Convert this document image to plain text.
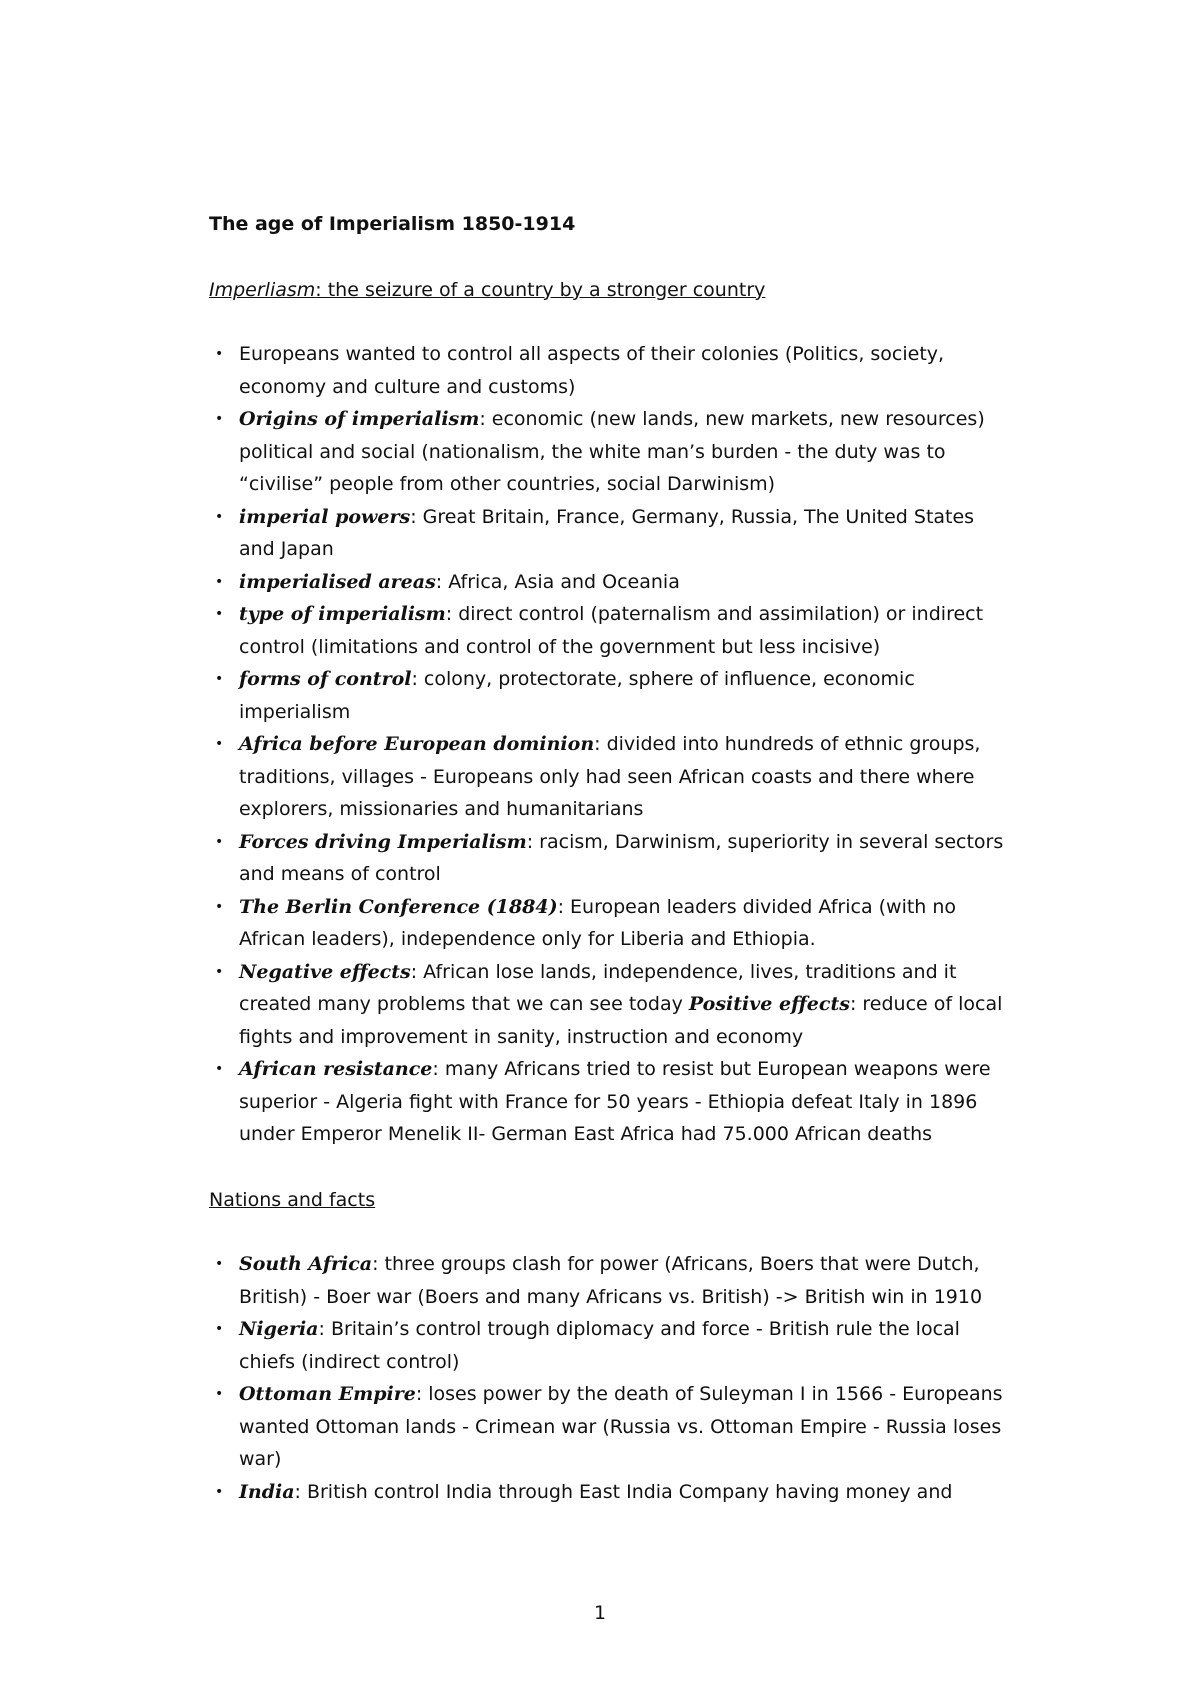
The age of Imperialism 1850-1914
Imperliasm: the seizure of a country by a stronger country
• Europeans wanted to control all aspects of their colonies (Politics, society, economy and culture and customs)
• Origins of imperialism: economic (new lands, new markets, new resources) political and social (nationalism, the white man’s burden - the duty was to “civilise” people from other countries, social Darwinism)
• imperial powers: Great Britain, France, Germany, Russia, The United States and Japan
• imperialised areas: Africa, Asia and Oceania
• type of imperialism: direct control (paternalism and assimilation) or indirect control (limitations and control of the government but less incisive)
• forms of control: colony, protectorate, sphere of influence, economic imperialism
• Africa before European dominion: divided into hundreds of ethnic groups, traditions, villages - Europeans only had seen African coasts and there where explorers, missionaries and humanitarians
• Forces driving Imperialism: racism, Darwinism, superiority in several sectors and means of control
• The Berlin Conference (1884): European leaders divided Africa (with no African leaders), independence only for Liberia and Ethiopia.
• Negative effects: African lose lands, independence, lives, traditions and it created many problems that we can see today Positive effects: reduce of local fights and improvement in sanity, instruction and economy
• African resistance: many Africans tried to resist but European weapons were superior - Algeria fight with France for 50 years - Ethiopia defeat Italy in 1896 under Emperor Menelik II- German East Africa had 75.000 African deaths
Nations and facts
• South Africa: three groups clash for power (Africans, Boers that were Dutch, British) - Boer war (Boers and many Africans vs. British) -> British win in 1910
• Nigeria: Britain’s control trough diplomacy and force - British rule the local chiefs (indirect control)
• Ottoman Empire: loses power by the death of Suleyman I in 1566 - Europeans wanted Ottoman lands - Crimean war (Russia vs. Ottoman Empire - Russia loses war)
• India: British control India through East India Company having money and
1
